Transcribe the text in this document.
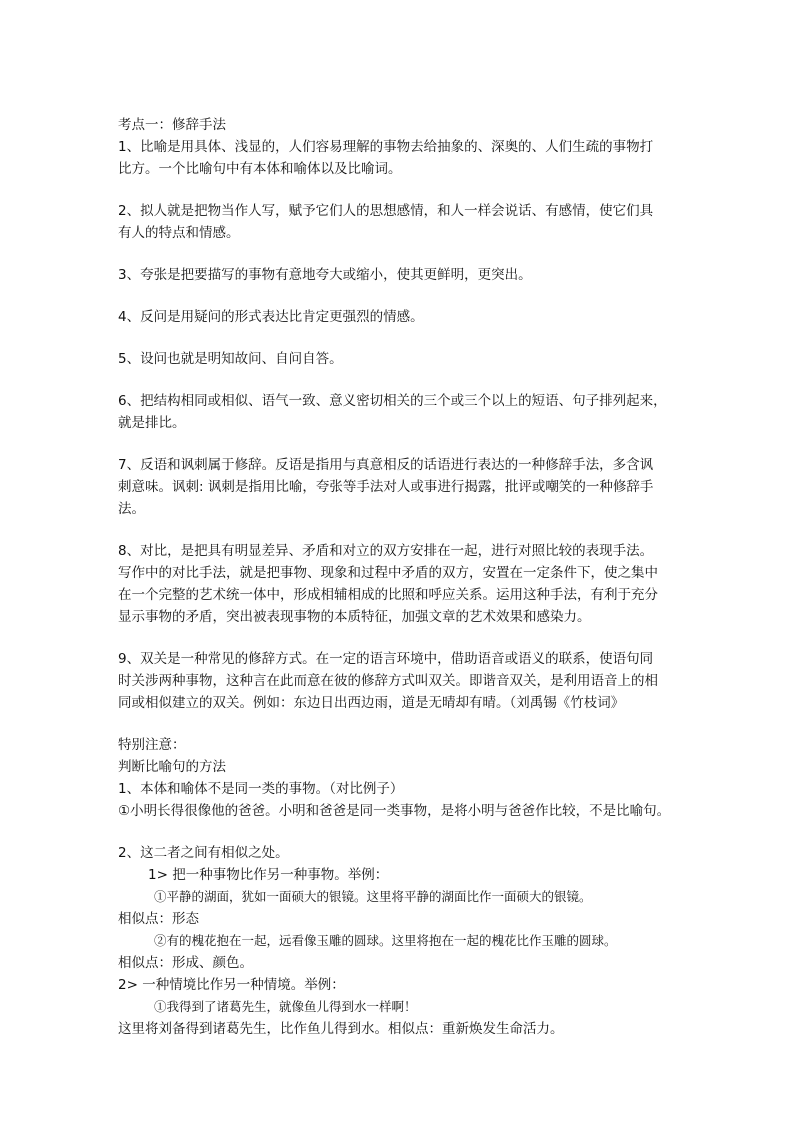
考点一：修辞手法
1、比喻是用具体、浅显的，人们容易理解的事物去给抽象的、深奥的、人们生疏的事物打
比方。一个比喻句中有本体和喻体以及比喻词。
2、拟人就是把物当作人写，赋予它们人的思想感情，和人一样会说话、有感情，使它们具
有人的特点和情感。
3、夸张是把要描写的事物有意地夸大或缩小，使其更鲜明，更突出。
4、反问是用疑问的形式表达比肯定更强烈的情感。
5、设问也就是明知故问、自问自答。
6、把结构相同或相似、语气一致、意义密切相关的三个或三个以上的短语、句子排列起来，
就是排比。
7、反语和讽刺属于修辞。反语是指用与真意相反的话语进行表达的一种修辞手法，多含讽
刺意味。讽刺: 讽刺是指用比喻，夸张等手法对人或事进行揭露，批评或嘲笑的一种修辞手
法。
8、对比，是把具有明显差异、矛盾和对立的双方安排在一起，进行对照比较的表现手法。
写作中的对比手法，就是把事物、现象和过程中矛盾的双方，安置在一定条件下，使之集中
在一个完整的艺术统一体中，形成相辅相成的比照和呼应关系。运用这种手法，有利于充分
显示事物的矛盾，突出被表现事物的本质特征，加强文章的艺术效果和感染力。
9、双关是一种常见的修辞方式。在一定的语言环境中，借助语音或语义的联系，使语句同
时关涉两种事物，这种言在此而意在彼的修辞方式叫双关。即谐音双关，是利用语音上的相
同或相似建立的双关。例如：东边日出西边雨，道是无晴却有晴。（刘禹锡《竹枝词》
特别注意：
判断比喻句的方法
1、本体和喻体不是同一类的事物。（对比例子）
①小明长得很像他的爸爸。小明和爸爸是同一类事物，是将小明与爸爸作比较，不是比喻句。
2、这二者之间有相似之处。
1> 把一种事物比作另一种事物。举例：
①平静的湖面，犹如一面硕大的银镜。这里将平静的湖面比作一面硕大的银镜。
相似点：形态
②有的槐花抱在一起，远看像玉雕的圆球。这里将抱在一起的槐花比作玉雕的圆球。
相似点：形成、颜色。
2> 一种情境比作另一种情境。举例：
①我得到了诸葛先生，就像鱼儿得到水一样啊！
这里将刘备得到诸葛先生，比作鱼儿得到水。相似点：重新焕发生命活力。
